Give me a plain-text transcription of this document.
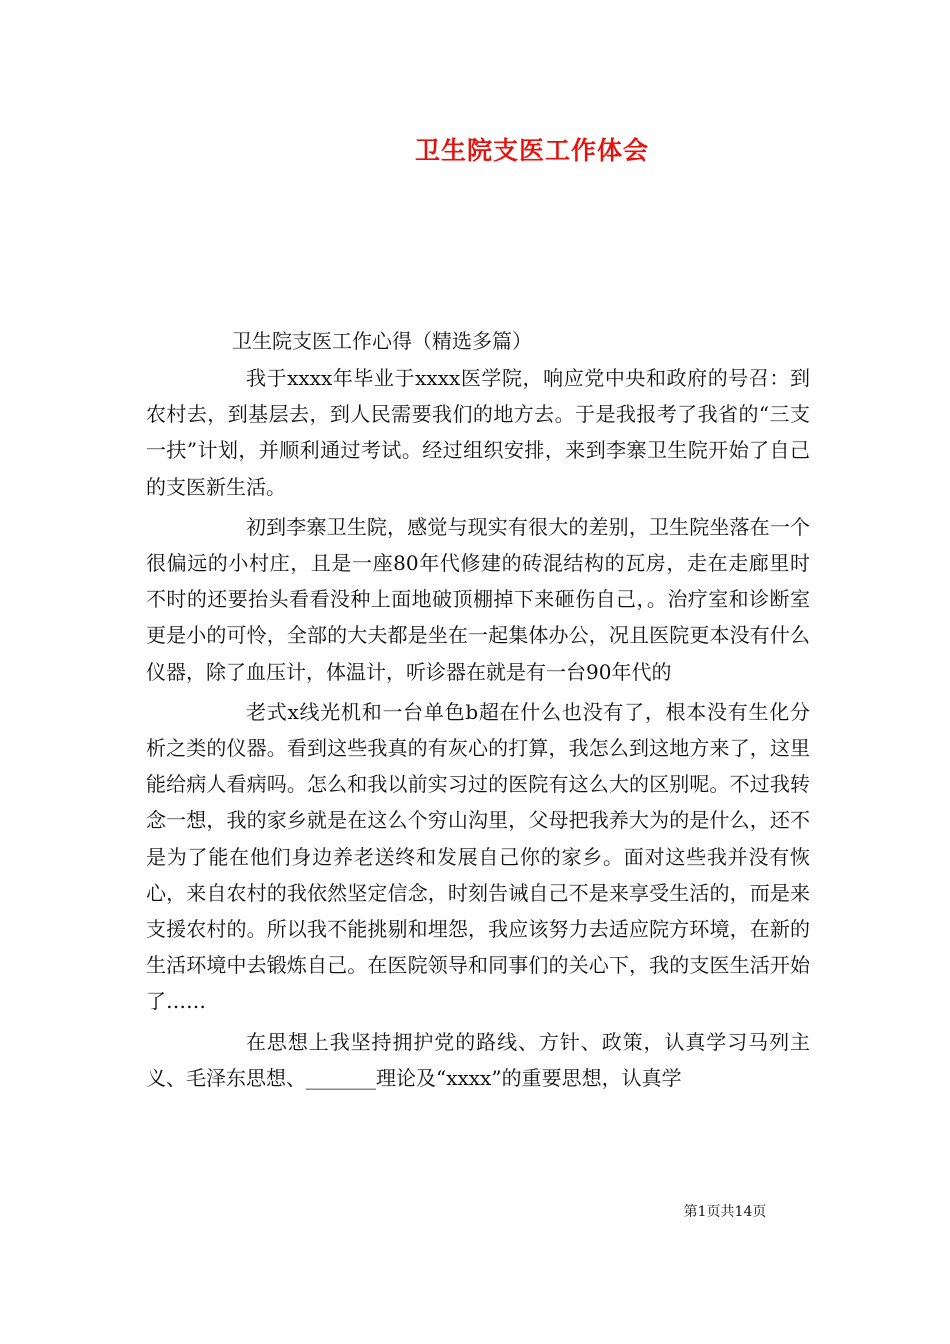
卫生院支医工作体会
卫生院支医工作心得（精选多篇）

我于xxxx年毕业于xxxx医学院，响应党中央和政府的号召：到农村去，到基层去，到人民需要我们的地方去。于是我报考了我省的“三支一扶”计划，并顺利通过考试。经过组织安排，来到李寨卫生院开始了自己的支医新生活。

初到李寨卫生院，感觉与现实有很大的差别，卫生院坐落在一个很偏远的小村庄，且是一座80年代修建的砖混结构的瓦房，走在走廊里时不时的还要抬头看看没种上面地破顶棚掉下来砸伤自己，。治疗室和诊断室更是小的可怜，全部的大夫都是坐在一起集体办公，况且医院更本没有什么仪器，除了血压计，体温计，听诊器在就是有一台90年代的

老式x线光机和一台单色b超在什么也没有了，根本没有生化分析之类的仪器。看到这些我真的有灰心的打算，我怎么到这地方来了，这里能给病人看病吗。怎么和我以前实习过的医院有这么大的区别呢。不过我转念一想，我的家乡就是在这么个穷山沟里，父母把我养大为的是什么，还不是为了能在他们身边养老送终和发展自己你的家乡。面对这些我并没有恢心，来自农村的我依然坚定信念，时刻告诫自己不是来享受生活的，而是来支援农村的。所以我不能挑剔和埋怨，我应该努力去适应院方环境，在新的生活环境中去锻炼自己。在医院领导和同事们的关心下，我的支医生活开始了……

在思想上我坚持拥护党的路线、方针、政策，认真学习马列主义、毛泽东思想、_______理论及“xxxx”的重要思想，认真学

第1页共14页
